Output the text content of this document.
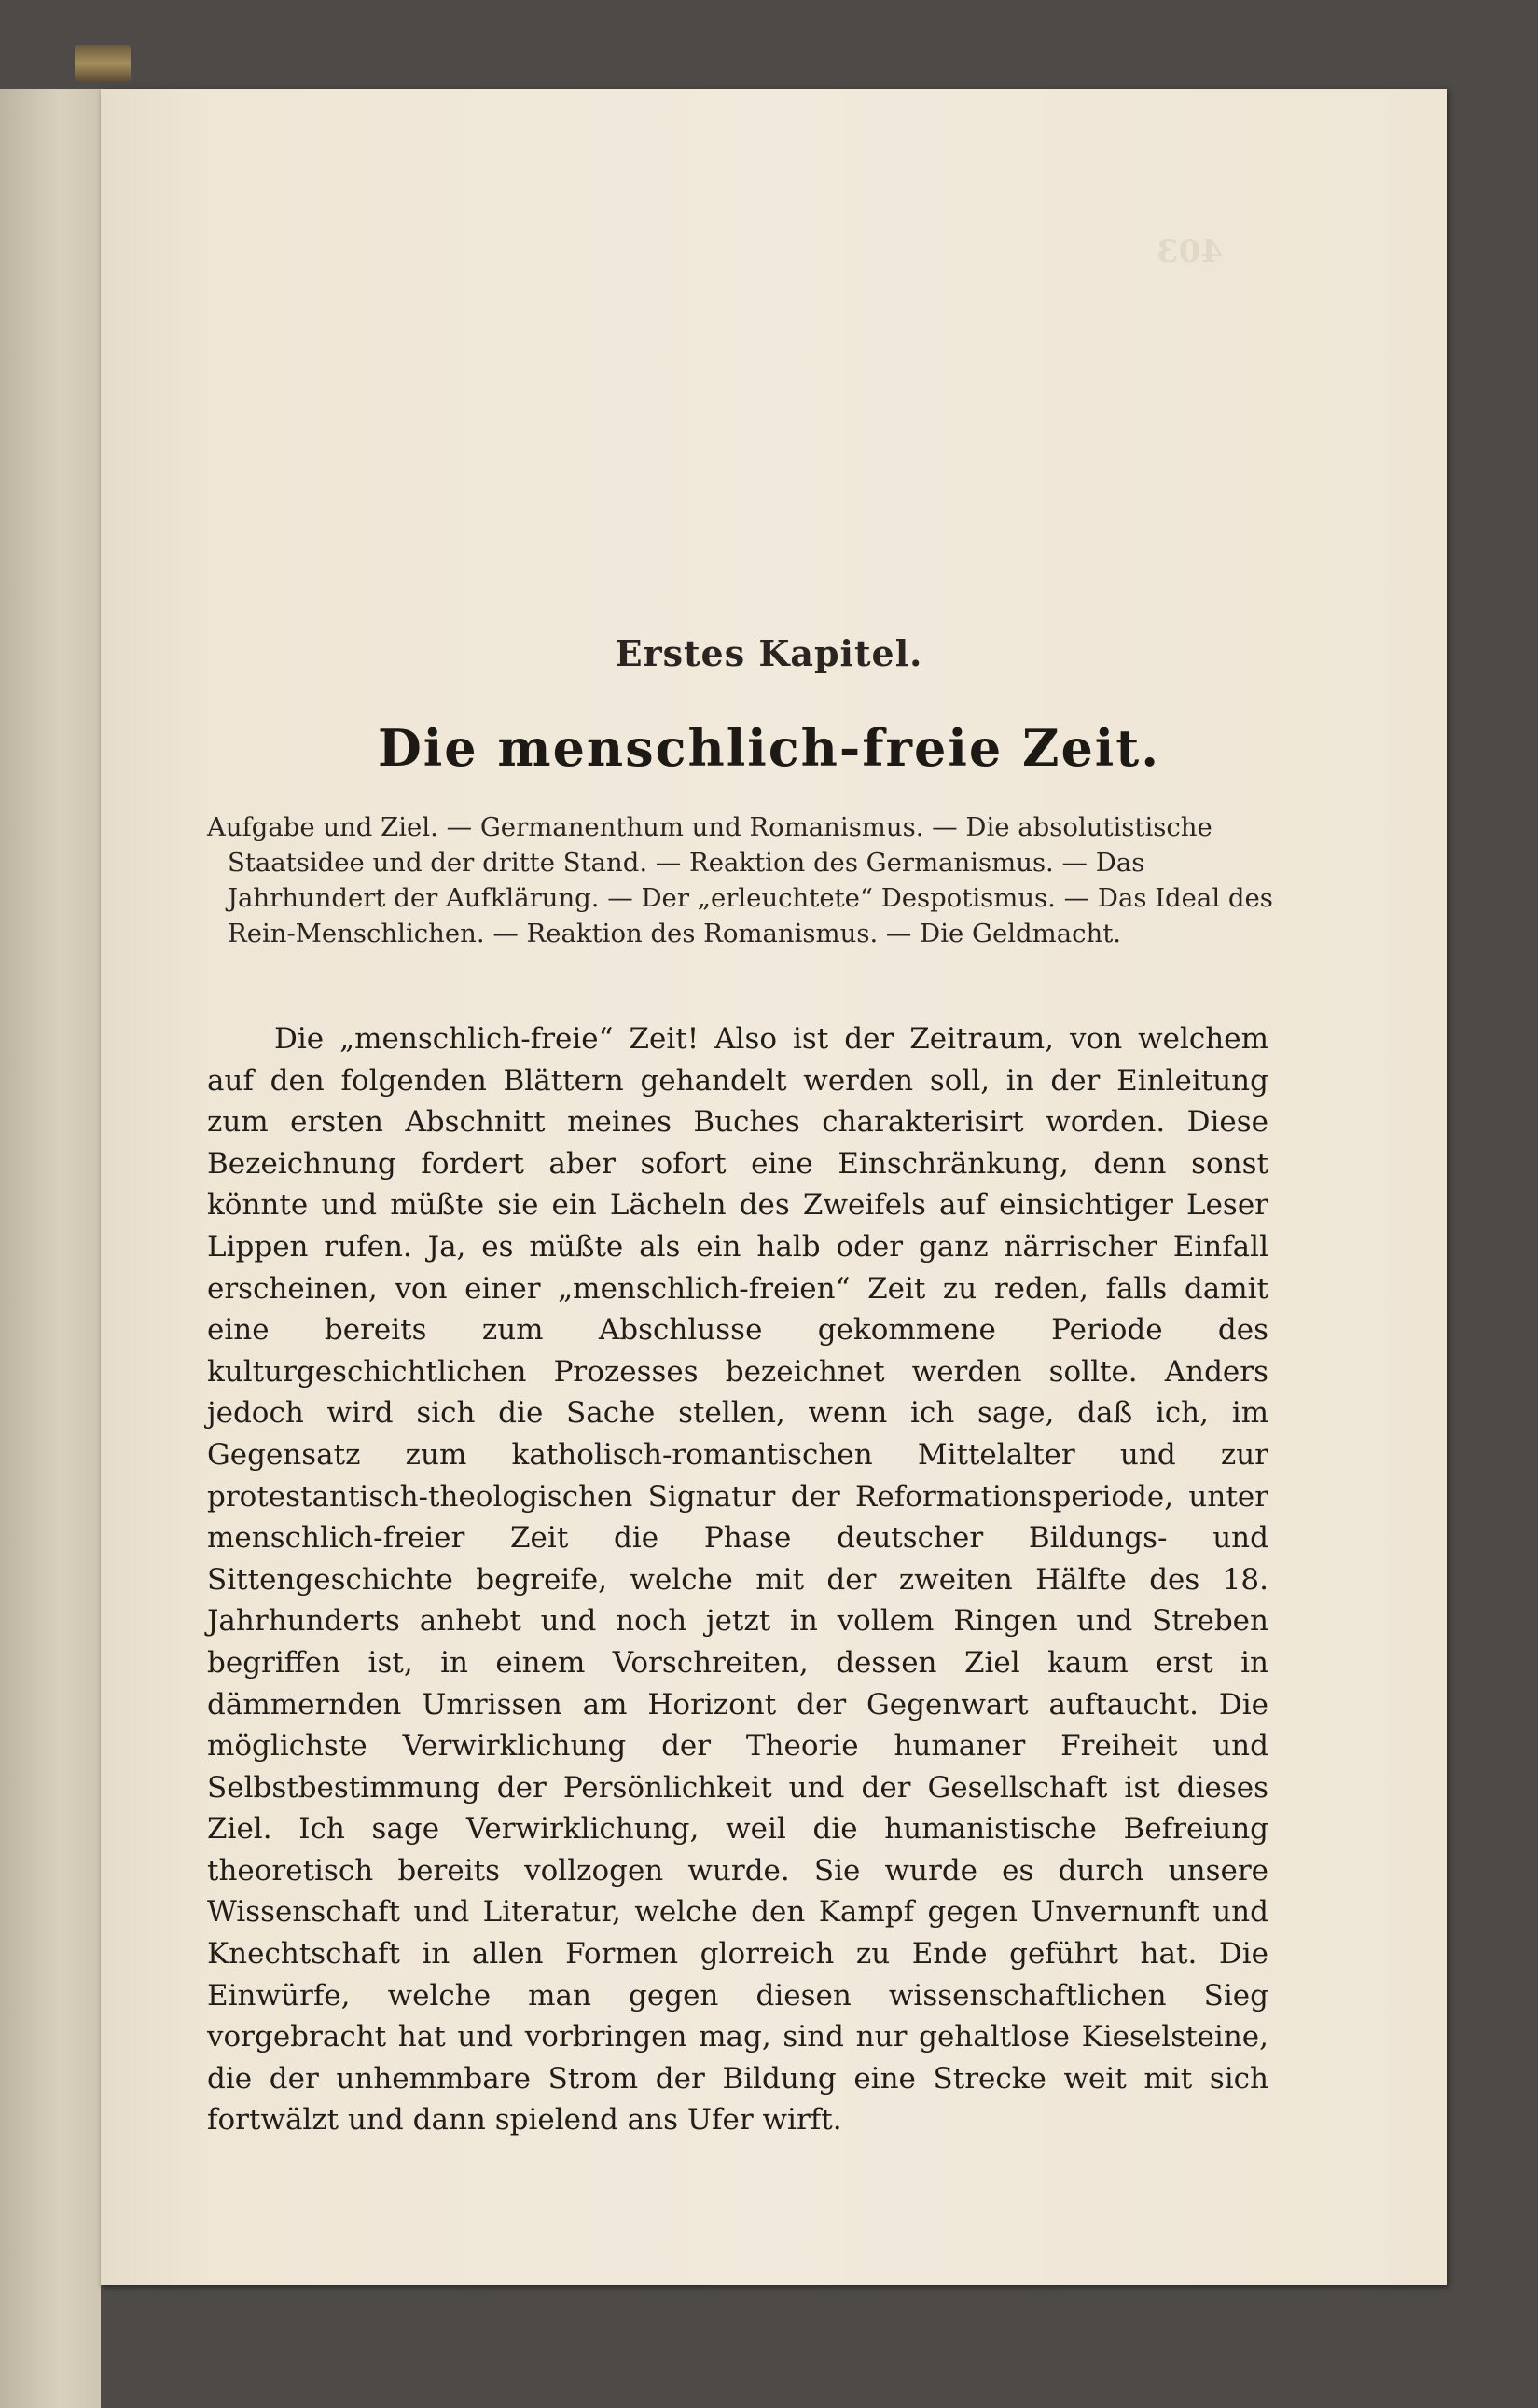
403
Erstes Kapitel.
Die menschlich-freie Zeit.
Aufgabe und Ziel. — Germanenthum und Romanismus. — Die absolutistische Staatsidee und der dritte Stand. — Reaktion des Germanismus. — Das Jahrhundert der Aufklärung. — Der „erleuchtete“ Despotismus. — Das Ideal des Rein-Menschlichen. — Reaktion des Romanismus. — Die Geldmacht.
Die „menschlich-freie“ Zeit! Also ist der Zeitraum, von welchem auf den folgenden Blättern gehandelt werden soll, in der Einleitung zum ersten Abschnitt meines Buches charakterisirt worden. Diese Bezeichnung fordert aber sofort eine Einschränkung, denn sonst könnte und müßte sie ein Lächeln des Zweifels auf einsichtiger Leser Lippen rufen. Ja, es müßte als ein halb oder ganz närrischer Einfall erscheinen, von einer „menschlich-freien“ Zeit zu reden, falls damit eine bereits zum Abschlusse gekommene Periode des kulturgeschichtlichen Prozesses bezeichnet werden sollte. Anders jedoch wird sich die Sache stellen, wenn ich sage, daß ich, im Gegensatz zum katholisch-romantischen Mittelalter und zur protestantisch-theologischen Signatur der Reformationsperiode, unter menschlich-freier Zeit die Phase deutscher Bildungs- und Sittengeschichte begreife, welche mit der zweiten Hälfte des 18. Jahrhunderts anhebt und noch jetzt in vollem Ringen und Streben begriffen ist, in einem Vorschreiten, dessen Ziel kaum erst in dämmernden Umrissen am Horizont der Gegenwart auftaucht. Die möglichste Verwirklichung der Theorie humaner Freiheit und Selbstbestimmung der Persönlichkeit und der Gesellschaft ist dieses Ziel. Ich sage Verwirklichung, weil die humanistische Befreiung theoretisch bereits vollzogen wurde. Sie wurde es durch unsere Wissenschaft und Literatur, welche den Kampf gegen Unvernunft und Knechtschaft in allen Formen glorreich zu Ende geführt hat. Die Einwürfe, welche man gegen diesen wissenschaftlichen Sieg vorgebracht hat und vorbringen mag, sind nur gehaltlose Kieselsteine, die der unhemmbare Strom der Bildung eine Strecke weit mit sich fortwälzt und dann spielend ans Ufer wirft.
